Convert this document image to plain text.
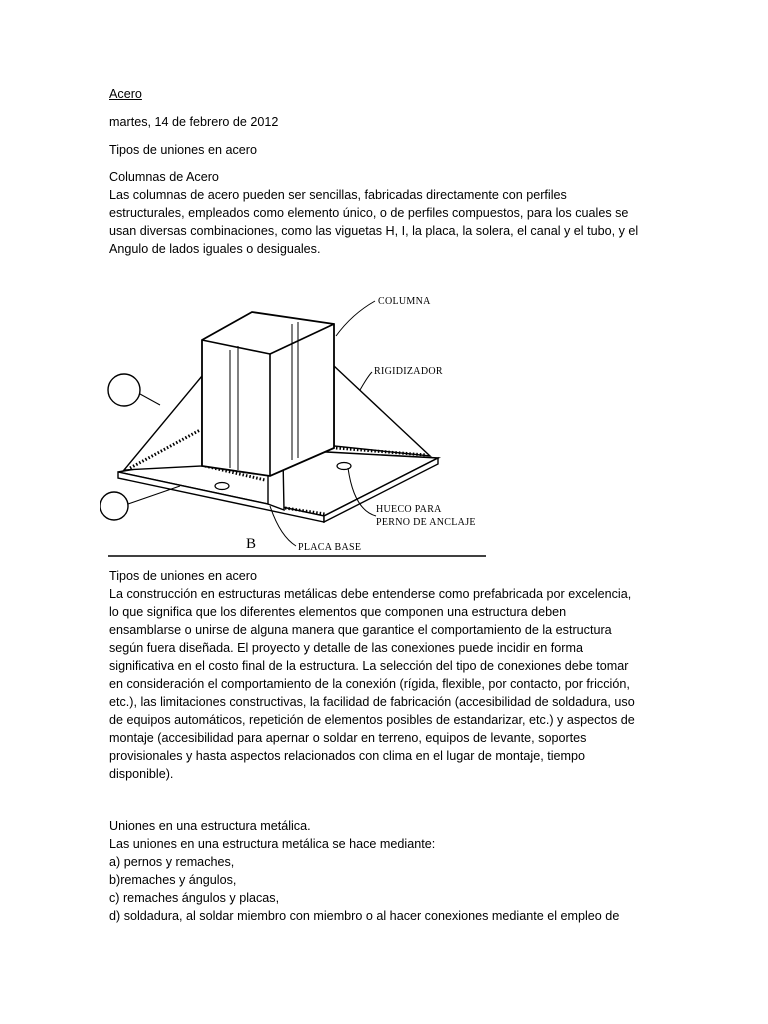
Acero

martes, 14 de febrero de 2012

Tipos de uniones en acero

Columnas de Acero

Las columnas de acero pueden ser sencillas, fabricadas directamente con perfiles

estructurales, empleados como elemento único, o de perfiles compuestos, para los cuales se

usan diversas combinaciones, como las viguetas H, I, la placa, la solera, el canal y el tubo, y el

Angulo de lados iguales o desiguales.

COLUMNA
RIGIDIZADOR
HUECO PARA
PERNO DE ANCLAJE
PLACA BASE
B

Tipos de uniones en acero

La construcción en estructuras metálicas debe entenderse como prefabricada por excelencia,

lo que significa que los diferentes elementos que componen una estructura deben

ensamblarse o unirse de alguna manera que garantice el comportamiento de la estructura

según fuera diseñada. El proyecto y detalle de las conexiones puede incidir en forma

significativa en el costo final de la estructura. La selección del tipo de conexiones debe tomar

en consideración el comportamiento de la conexión (rígida, flexible, por contacto, por fricción,

etc.), las limitaciones constructivas, la facilidad de fabricación (accesibilidad de soldadura, uso

de equipos automáticos, repetición de elementos posibles de estandarizar, etc.) y aspectos de

montaje (accesibilidad para apernar o soldar en terreno, equipos de levante, soportes

provisionales y hasta aspectos relacionados con clima en el lugar de montaje, tiempo

disponible).

Uniones en una estructura metálica.

Las uniones en una estructura metálica se hace mediante:

a) pernos y remaches,

b)remaches y ángulos,

c) remaches ángulos y placas,

d) soldadura, al soldar miembro con miembro o al hacer conexiones mediante el empleo de
